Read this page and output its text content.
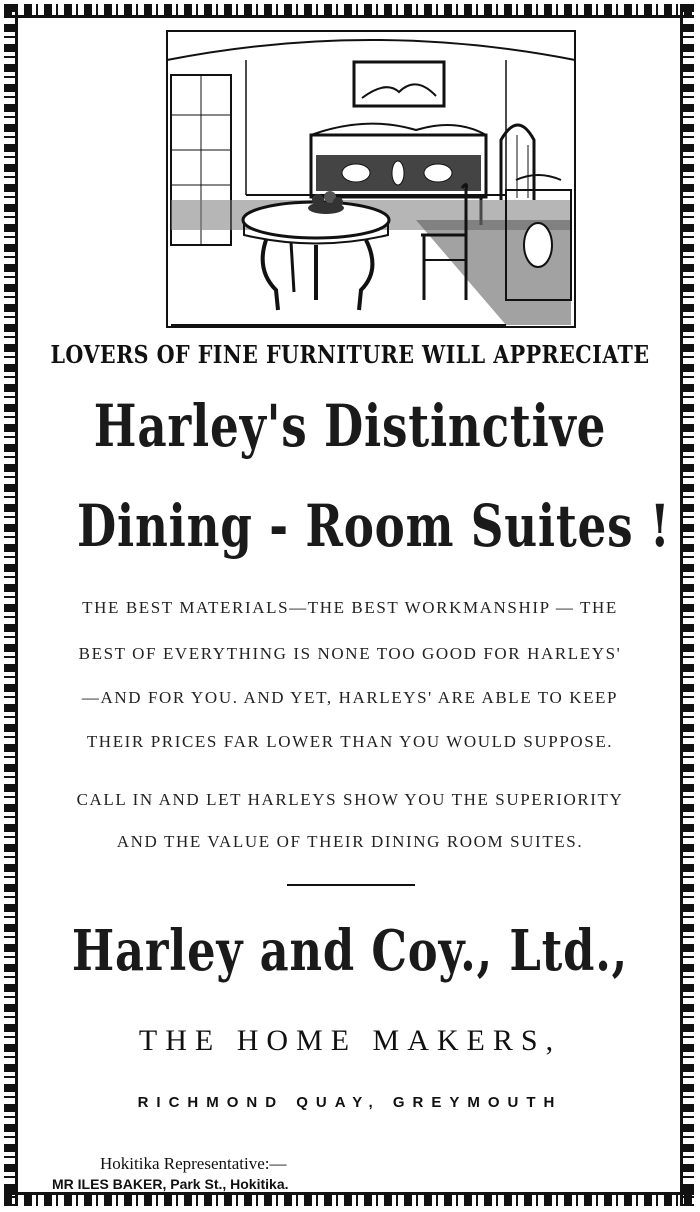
LOVERS OF FINE FURNITURE WILL APPRECIATE
Harley's Distinctive
Dining - Room Suites !
THE BEST MATERIALS—THE BEST WORKMANSHIP — THE
BEST OF EVERYTHING IS NONE TOO GOOD FOR HARLEYS'
—AND FOR YOU. AND YET, HARLEYS' ARE ABLE TO KEEP
THEIR PRICES FAR LOWER THAN YOU WOULD SUPPOSE.
CALL IN AND LET HARLEYS SHOW YOU THE SUPERIORITY
AND THE VALUE OF THEIR DINING ROOM SUITES.
Harley and Coy., Ltd.,
THE HOME MAKERS,
RICHMOND QUAY, GREYMOUTH
Hokitika Representative:—
MR ILES BAKER, Park St., Hokitika.
